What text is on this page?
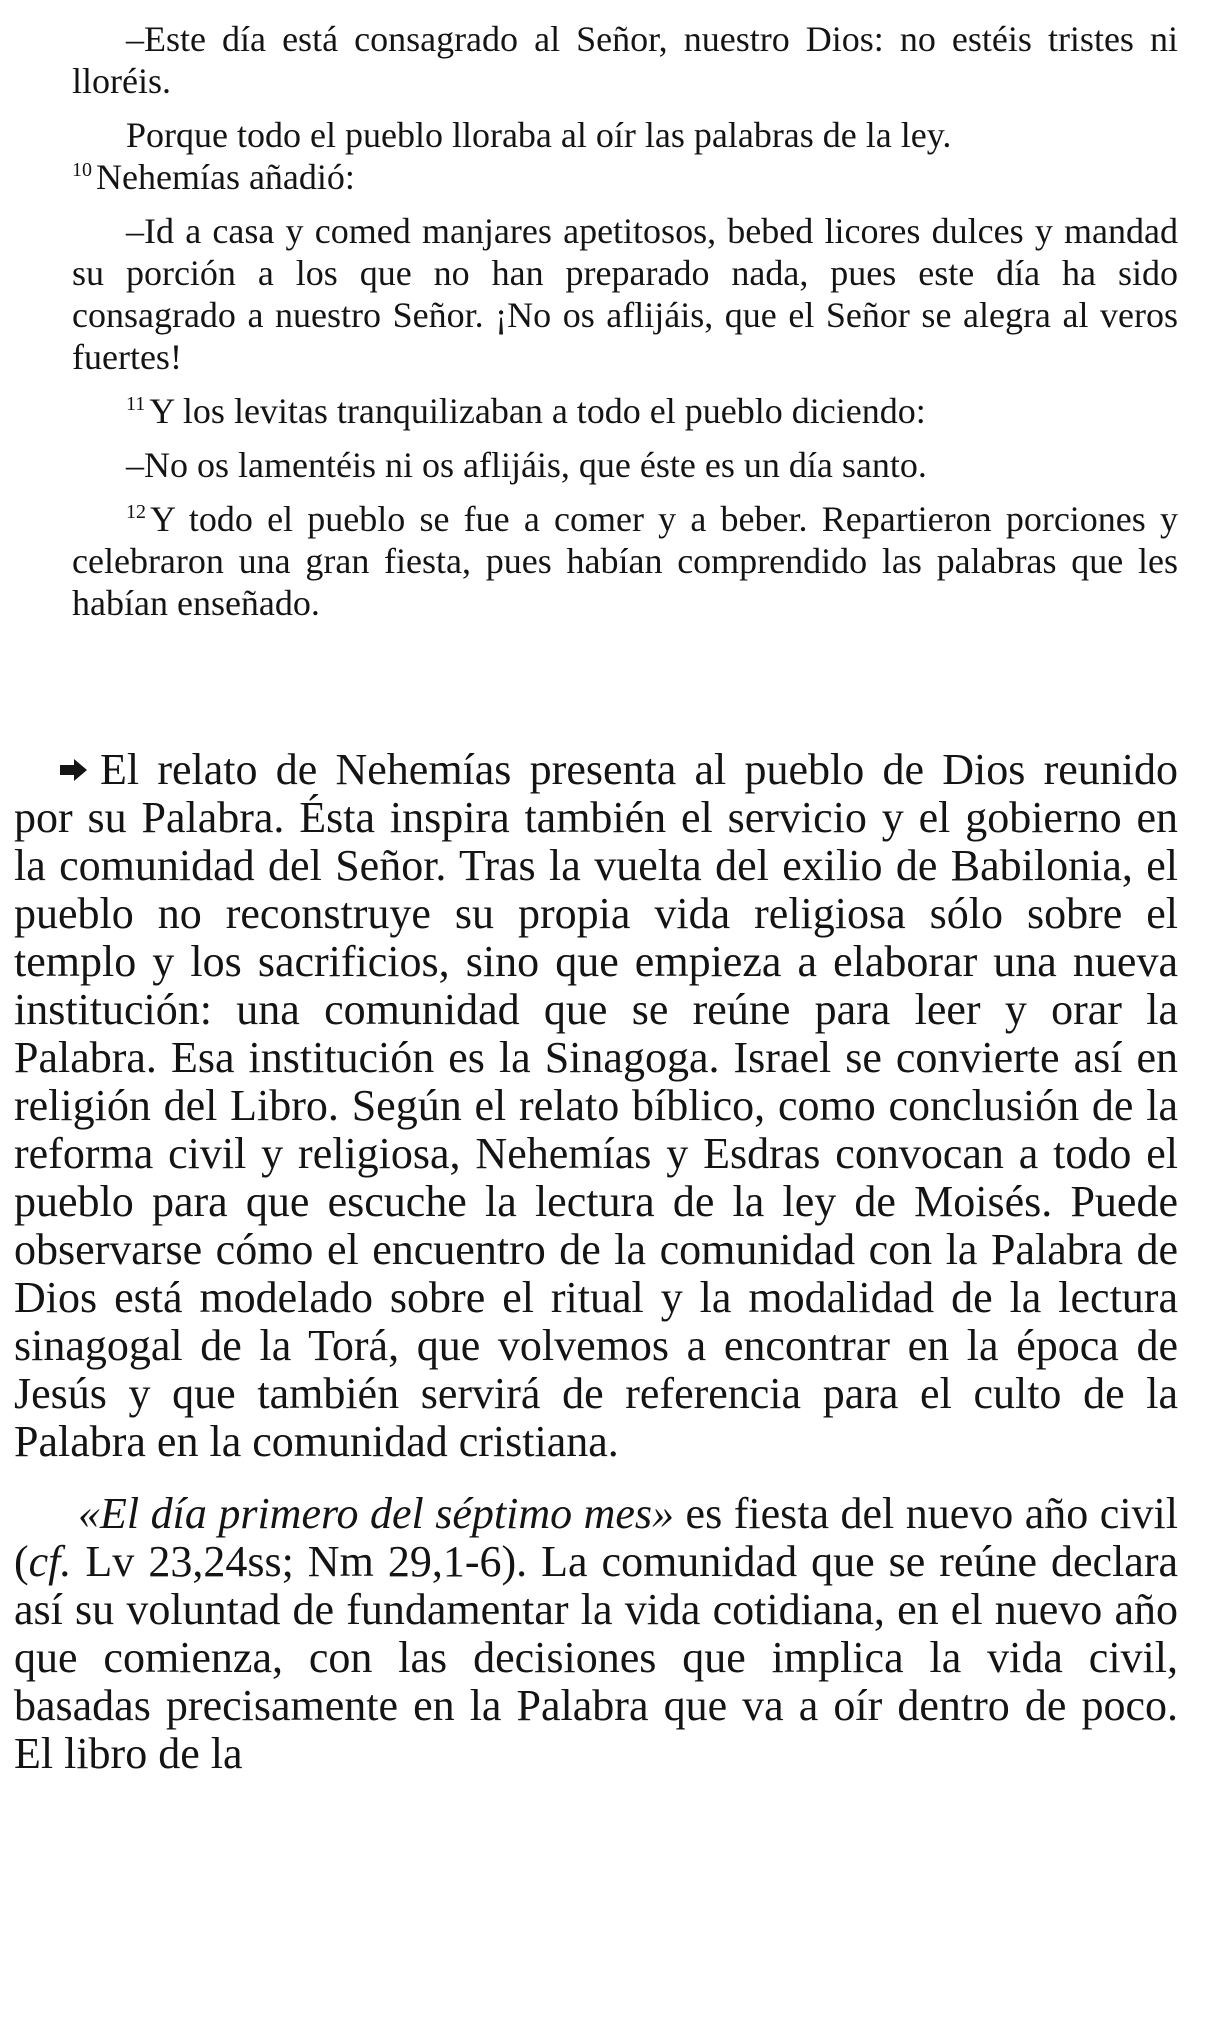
–Este día está consagrado al Señor, nuestro Dios: no estéis tristes ni lloréis.

Porque todo el pueblo lloraba al oír las palabras de la ley.

$^{10}$ Nehemías añadió:

–Id a casa y comed manjares apetitosos, bebed licores dulces y mandad su porción a los que no han preparado nada, pues este día ha sido consagrado a nuestro Señor. ¡No os aflijáis, que el Señor se alegra al veros fuertes!

$^{11}$ Y los levitas tranquilizaban a todo el pueblo diciendo:

–No os lamentéis ni os aflijáis, que éste es un día santo.

$^{12}$ Y todo el pueblo se fue a comer y a beber. Repartieron porciones y celebraron una gran fiesta, pues habían comprendido las palabras que les habían enseñado.

El relato de Nehemías presenta al pueblo de Dios reunido por su Palabra. Ésta inspira también el servicio y el gobierno en la comunidad del Señor. Tras la vuelta del exilio de Babilonia, el pueblo no reconstruye su propia vida religiosa sólo sobre el templo y los sacrificios, sino que empieza a elaborar una nueva institución: una comunidad que se reúne para leer y orar la Palabra. Esa institución es la Sinagoga. Israel se convierte así en religión del Libro. Según el relato bíblico, como conclusión de la reforma civil y religiosa, Nehemías y Esdras convocan a todo el pueblo para que escuche la lectura de la ley de Moisés. Puede observarse cómo el encuentro de la comunidad con la Palabra de Dios está modelado sobre el ritual y la modalidad de la lectura sinagogal de la Torá, que volvemos a encontrar en la época de Jesús y que también servirá de referencia para el culto de la Palabra en la comunidad cristiana.

«El día primero del séptimo mes» es fiesta del nuevo año civil (cf. Lv 23,24ss; Nm 29,1-6). La comunidad que se reúne declara así su voluntad de fundamentar la vida cotidiana, en el nuevo año que comienza, con las decisiones que implica la vida civil, basadas precisamente en la Palabra que va a oír dentro de poco. El libro de la
